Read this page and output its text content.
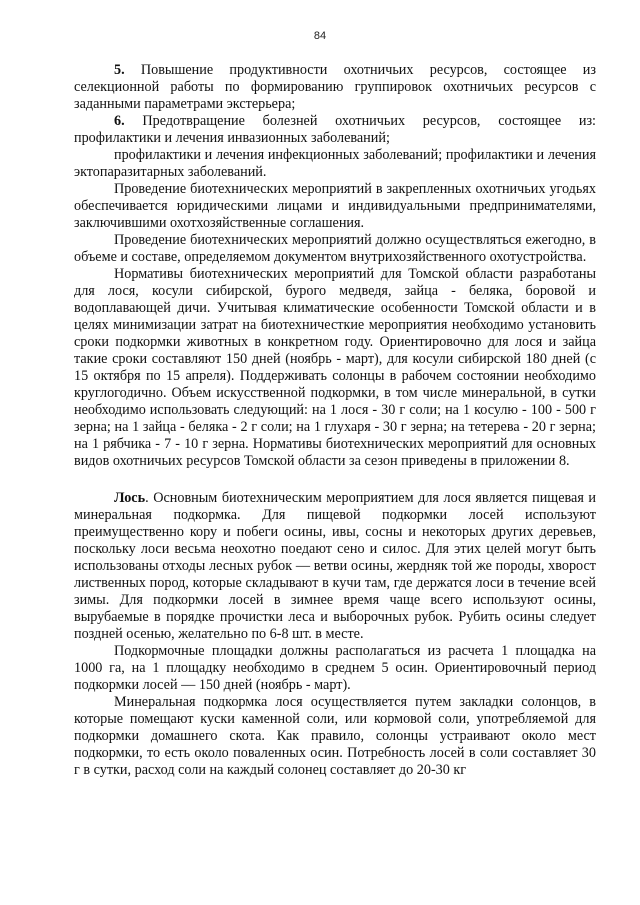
84

5. Повышение продуктивности охотничьих ресурсов, состоящее из селекционной работы по формированию группировок охотничьих ресурсов с заданными параметрами экстерьера;

6. Предотвращение болезней охотничьих ресурсов, состоящее из: профилактики и лечения инвазионных заболеваний;

профилактики и лечения инфекционных заболеваний; профилактики и лечения эктопаразитарных заболеваний.

Проведение биотехнических мероприятий в закрепленных охотничьих угодьях обеспечивается юридическими лицами и индивидуальными предпринимателями, заключившими охотхозяйственные соглашения.

Проведение биотехнических мероприятий должно осуществляться ежегодно, в объеме и составе, определяемом документом внутрихозяйственного охотустройства.

Нормативы биотехнических мероприятий для Томской области разработаны для лося, косули сибирской, бурого медведя, зайца - беляка, боровой и водоплавающей дичи. Учитывая климатические особенности Томской области и в целях минимизации затрат на биотехничесткие мероприятия необходимо установить сроки подкормки животных в конкретном году. Ориентировочно для лося и зайца такие сроки составляют 150 дней (ноябрь - март), для косули сибирской 180 дней (с 15 октября по 15 апреля). Поддерживать солонцы в рабочем состоянии необходимо круглогодично. Объем искусственной подкормки, в том числе минеральной, в сутки необходимо использовать следующий: на 1 лося - 30 г соли; на 1 косулю - 100 - 500 г зерна; на 1 зайца - беляка - 2 г соли; на 1 глухаря - 30 г зерна; на тетерева - 20 г зерна; на 1 рябчика - 7 - 10 г зерна. Нормативы биотехнических мероприятий для основных видов охотничьих ресурсов Томской области за сезон приведены в приложении 8.

Лось. Основным биотехническим мероприятием для лося является пищевая и минеральная подкормка. Для пищевой подкормки лосей используют преимущественно кору и побеги осины, ивы, сосны и некоторых других деревьев, поскольку лоси весьма неохотно поедают сено и силос. Для этих целей могут быть использованы отходы лесных рубок — ветви осины, жердняк той же породы, хворост лиственных пород, которые складывают в кучи там, где держатся лоси в течение всей зимы. Для подкормки лосей в зимнее время чаще всего используют осины, вырубаемые в порядке прочистки леса и выборочных рубок. Рубить осины следует поздней осенью, желательно по 6-8 шт. в месте.

Подкормочные площадки должны располагаться из расчета 1 площадка на 1000 га, на 1 площадку необходимо в среднем 5 осин. Ориентировочный период подкормки лосей — 150 дней (ноябрь - март).

Минеральная подкормка лося осуществляется путем закладки солонцов, в которые помещают куски каменной соли, или кормовой соли, употребляемой для подкормки домашнего скота. Как правило, солонцы устраивают около мест подкормки, то есть около поваленных осин. Потребность лосей в соли составляет 30 г в сутки, расход соли на каждый солонец составляет до 20-30 кг
